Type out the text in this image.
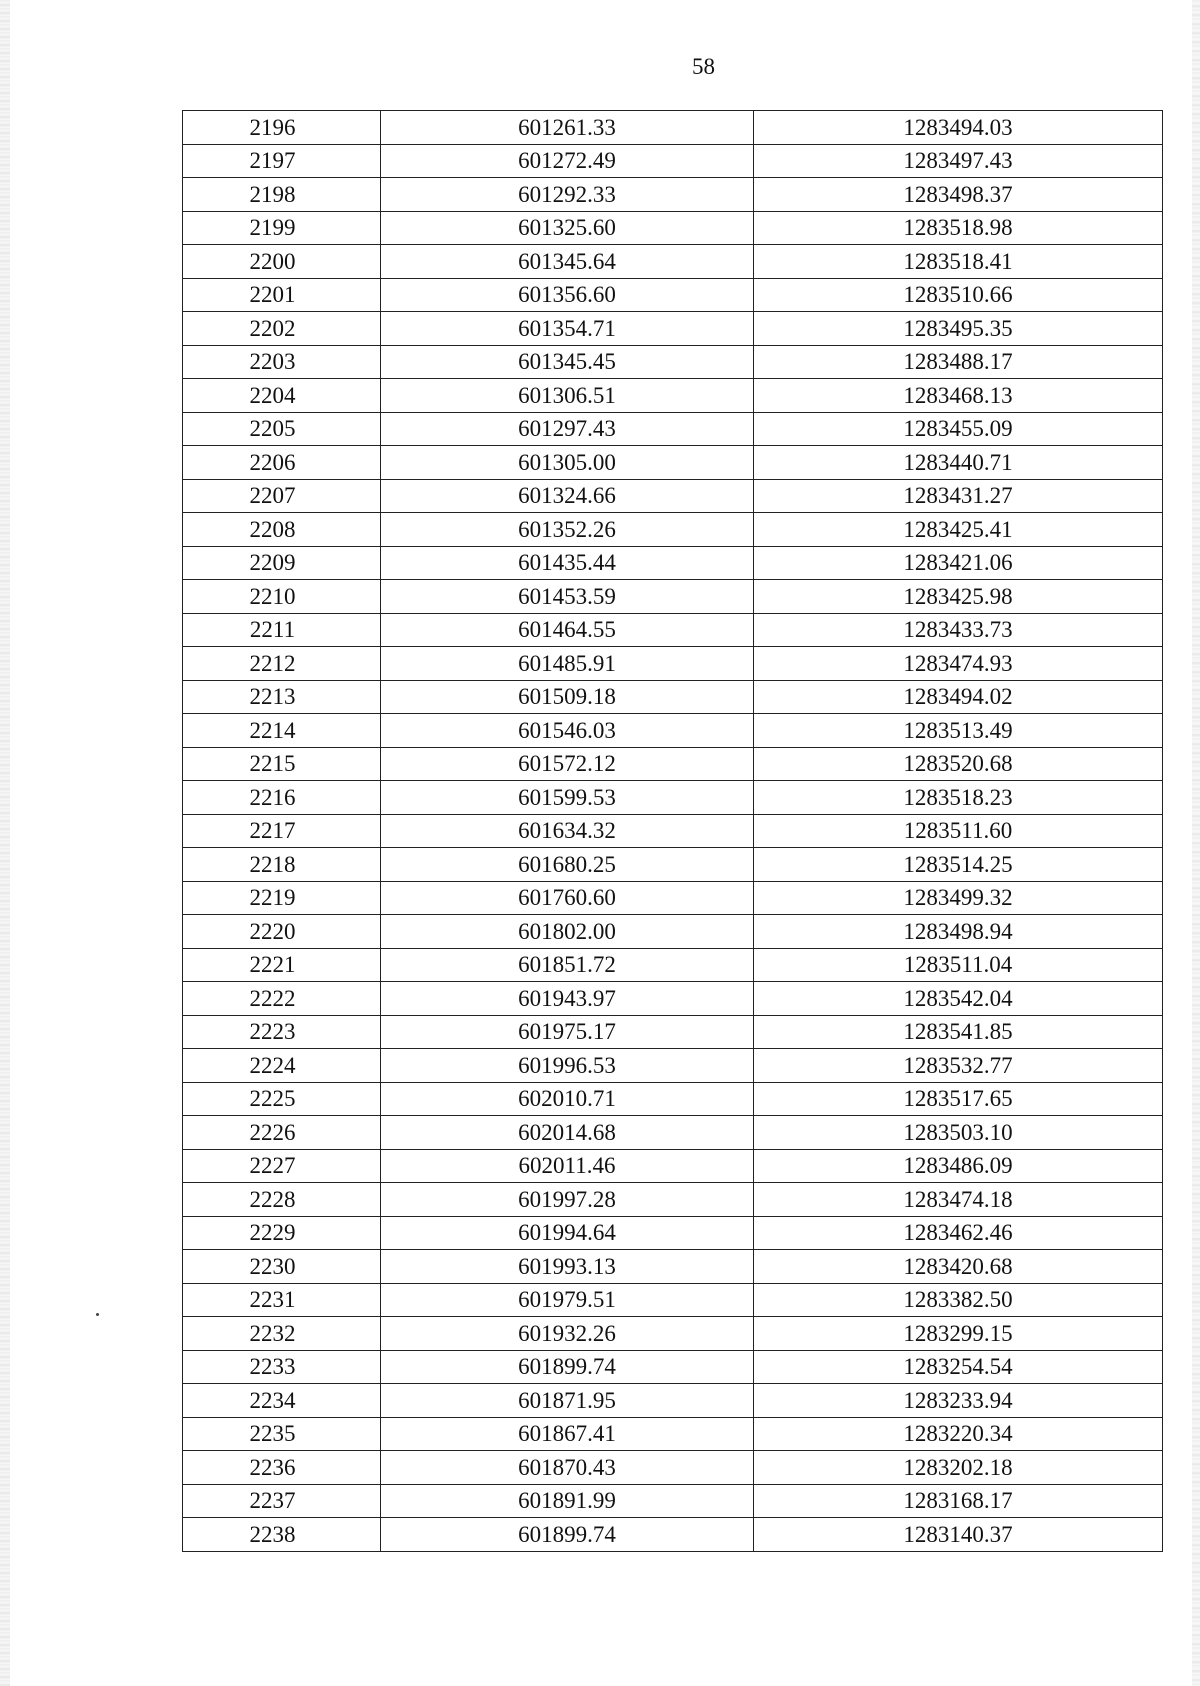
58
2196	601261.33	1283494.03
2197	601272.49	1283497.43
2198	601292.33	1283498.37
2199	601325.60	1283518.98
2200	601345.64	1283518.41
2201	601356.60	1283510.66
2202	601354.71	1283495.35
2203	601345.45	1283488.17
2204	601306.51	1283468.13
2205	601297.43	1283455.09
2206	601305.00	1283440.71
2207	601324.66	1283431.27
2208	601352.26	1283425.41
2209	601435.44	1283421.06
2210	601453.59	1283425.98
2211	601464.55	1283433.73
2212	601485.91	1283474.93
2213	601509.18	1283494.02
2214	601546.03	1283513.49
2215	601572.12	1283520.68
2216	601599.53	1283518.23
2217	601634.32	1283511.60
2218	601680.25	1283514.25
2219	601760.60	1283499.32
2220	601802.00	1283498.94
2221	601851.72	1283511.04
2222	601943.97	1283542.04
2223	601975.17	1283541.85
2224	601996.53	1283532.77
2225	602010.71	1283517.65
2226	602014.68	1283503.10
2227	602011.46	1283486.09
2228	601997.28	1283474.18
2229	601994.64	1283462.46
2230	601993.13	1283420.68
2231	601979.51	1283382.50
2232	601932.26	1283299.15
2233	601899.74	1283254.54
2234	601871.95	1283233.94
2235	601867.41	1283220.34
2236	601870.43	1283202.18
2237	601891.99	1283168.17
2238	601899.74	1283140.37
